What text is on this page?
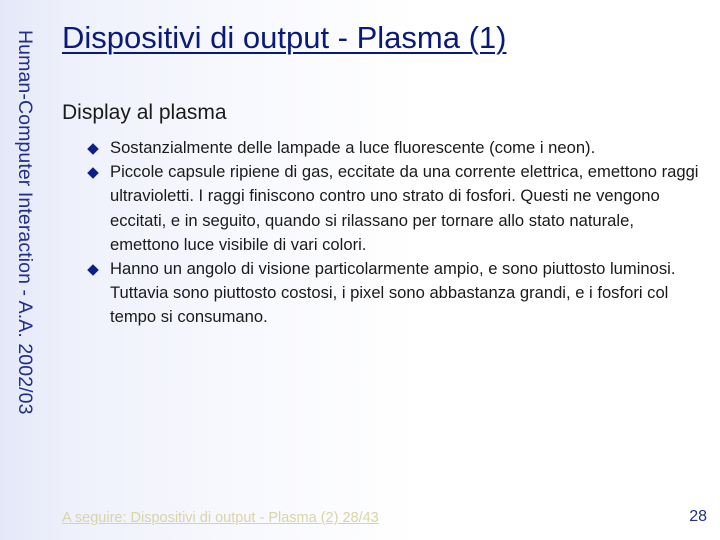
Human-Computer Interaction - A.A. 2002/03 Dispositivi di output - Plasma (1)
Display al plasma
Sostanzialmente delle lampade a luce fluorescente (come i neon).
Piccole capsule ripiene di gas, eccitate da una corrente elettrica, emettono raggi ultravioletti. I raggi finiscono contro uno strato di fosfori. Questi ne vengono eccitati, e in seguito, quando si rilassano per tornare allo stato naturale, emettono luce visibile di vari colori.
Hanno un angolo di visione particolarmente ampio, e sono piuttosto luminosi. Tuttavia sono piuttosto costosi, i pixel sono abbastanza grandi, e i fosfori col tempo si consumano.
A seguire: Dispositivi di output - Plasma (2) 28/43	28
